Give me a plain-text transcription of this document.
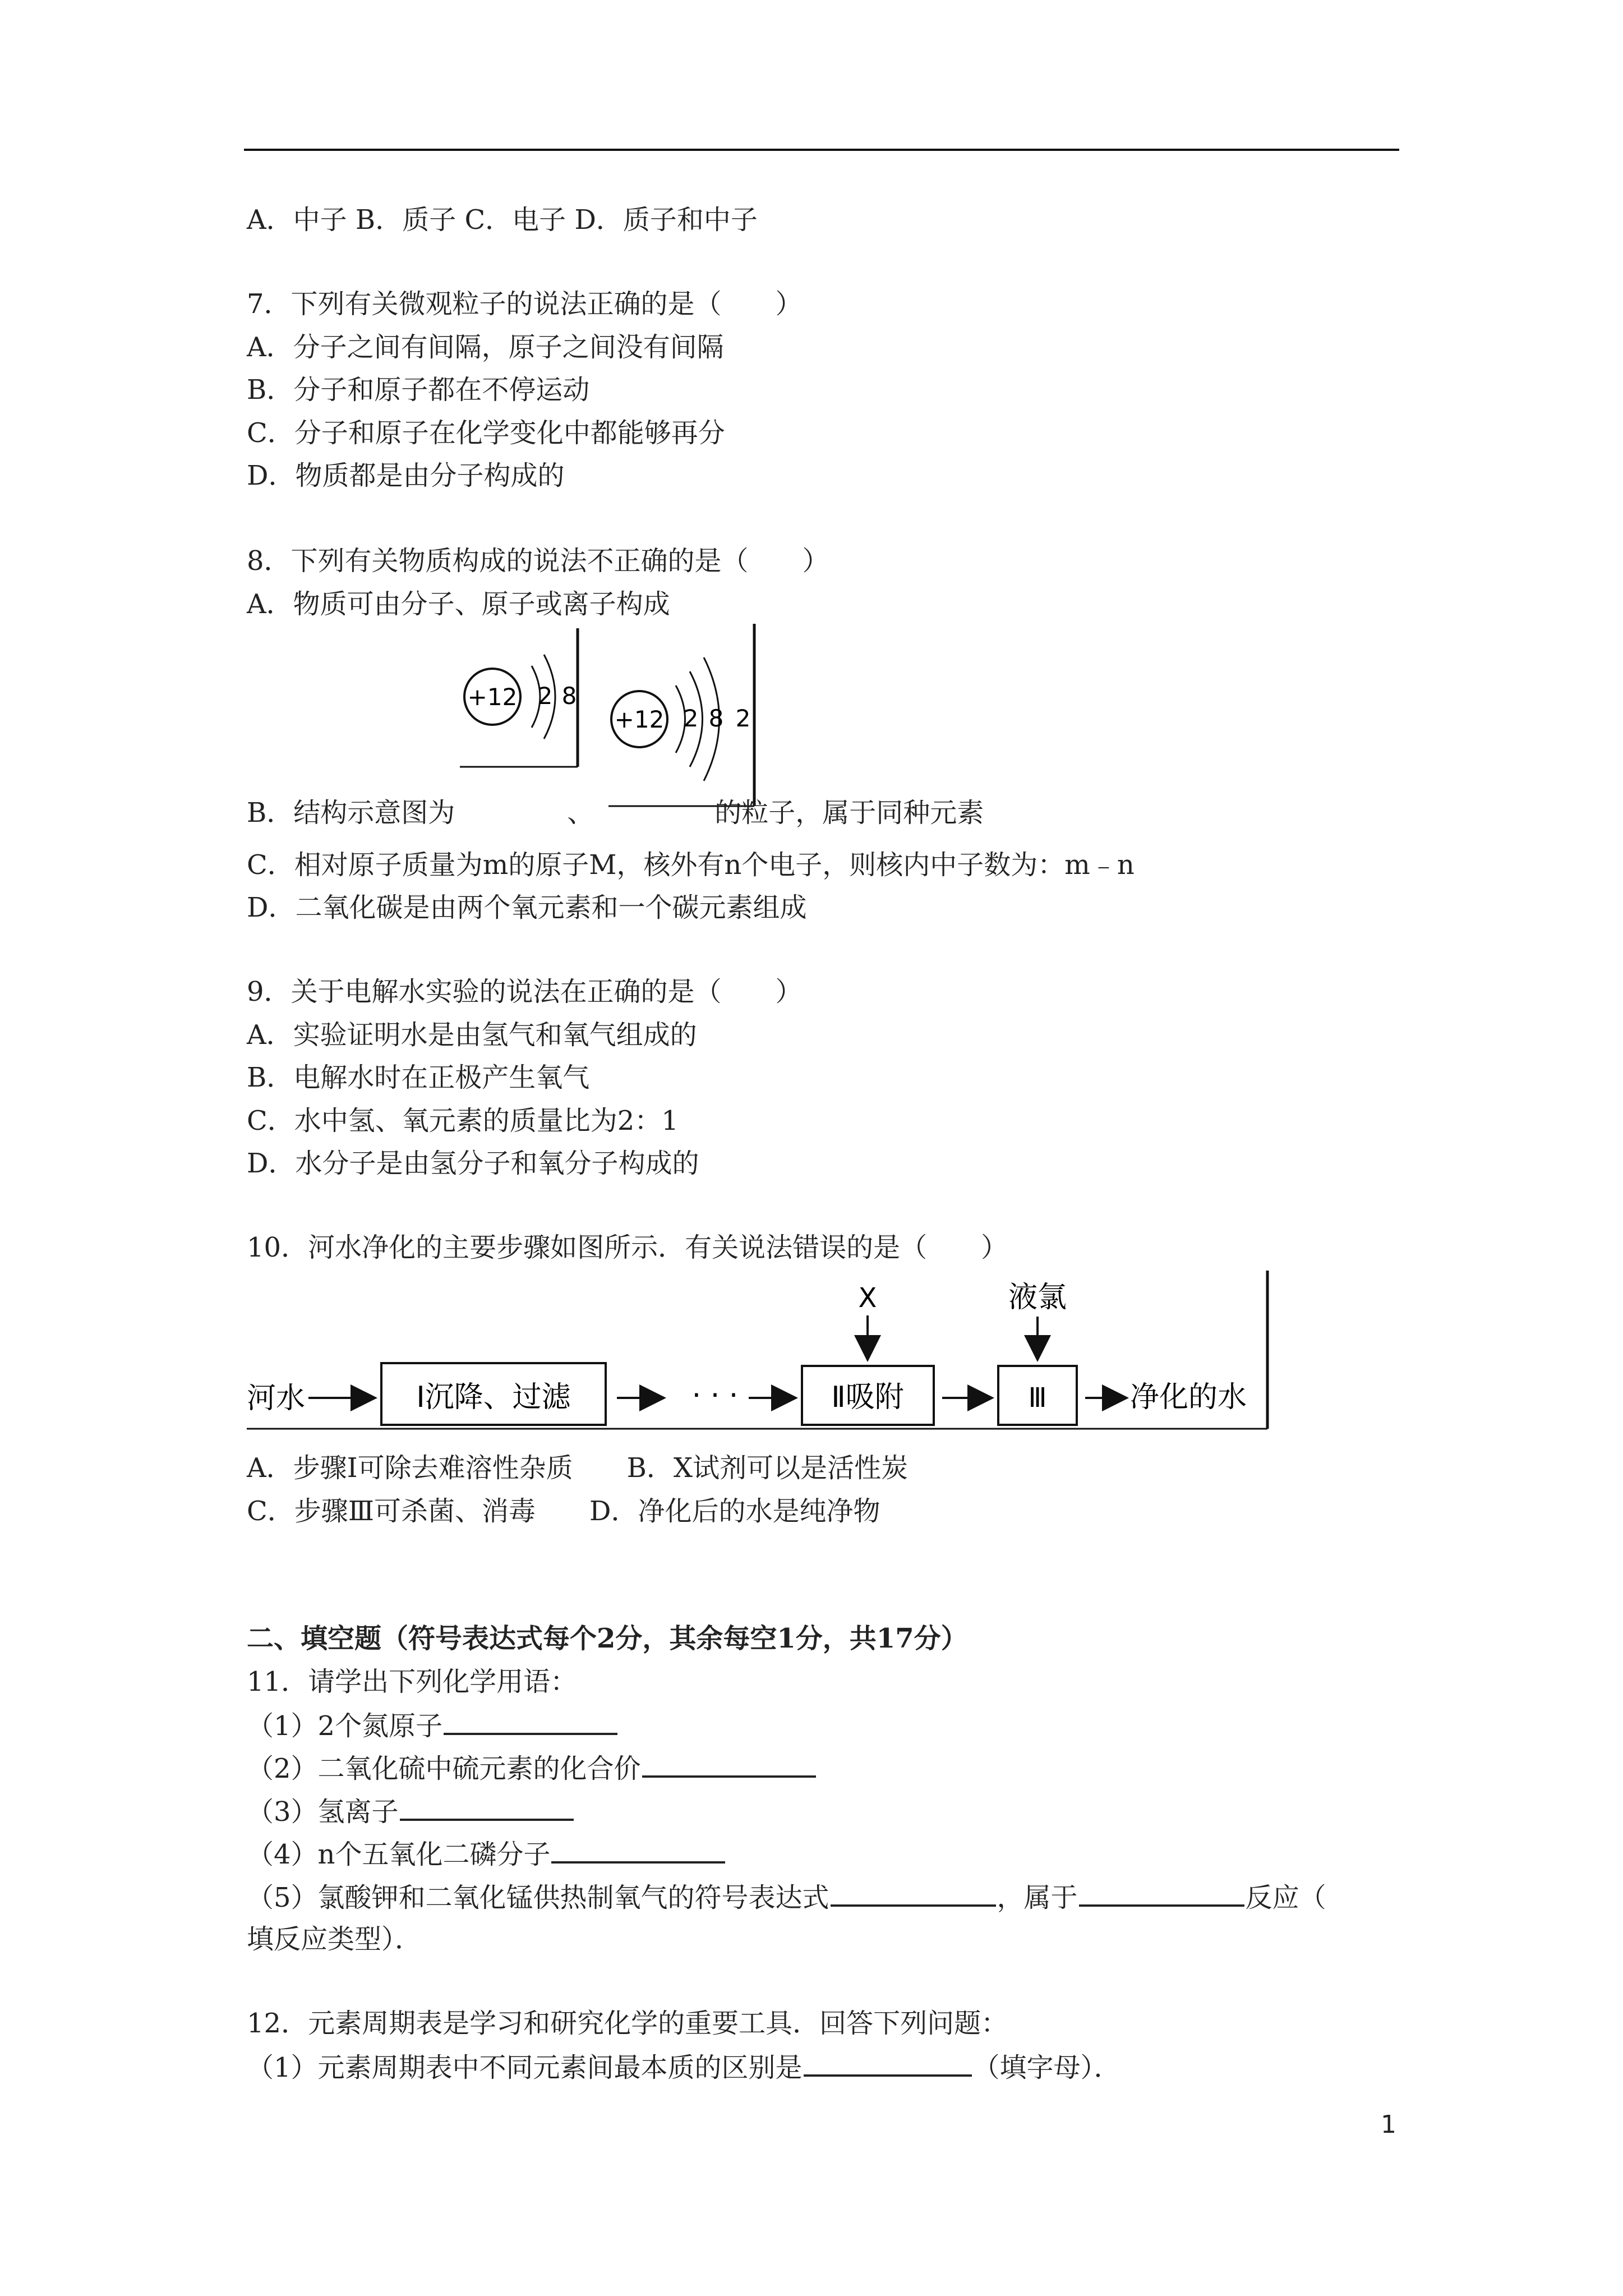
A．中子 B．质子 C．电子 D．质子和中子
7．下列有关微观粒子的说法正确的是（　　）
A．分子之间有间隔，原子之间没有间隔
B．分子和原子都在不停运动
C．分子和原子在化学变化中都能够再分
D．物质都是由分子构成的
8．下列有关物质构成的说法不正确的是（　　）
A．物质可由分子、原子或离子构成
+12 2 8
+12 2 8 2
B．结构示意图为	、	的粒子，属于同种元素
C．相对原子质量为m的原子M，核外有n个电子，则核内中子数为：m﹣n
D．二氧化碳是由两个氧元素和一个碳元素组成
9．关于电解水实验的说法在正确的是（　　）
A．实验证明水是由氢气和氧气组成的
B．电解水时在正极产生氧气
C．水中氢、氧元素的质量比为2：1
D．水分子是由氢分子和氧分子构成的
10．河水净化的主要步骤如图所示．有关说法错误的是（　　）
河水	Ⅰ沉降、过滤	· · ·	Ⅱ吸附
X
Ⅲ
液氯
净化的水
A．步骤Ⅰ可除去难溶性杂质　　B．X试剂可以是活性炭
C．步骤Ⅲ可杀菌、消毒　　D．净化后的水是纯净物
二、填空题（符号表达式每个2分，其余每空1分，共17分）
11．请学出下列化学用语：
（1）2个氮原子
（2）二氧化硫中硫元素的化合价
（3）氢离子
（4）n个五氧化二磷分子
（5）氯酸钾和二氧化锰供热制氧气的符号表达式	，属于	反应（
填反应类型）．
12．元素周期表是学习和研究化学的重要工具．回答下列问题：
（1）元素周期表中不同元素间最本质的区别是	（填字母）．
1
